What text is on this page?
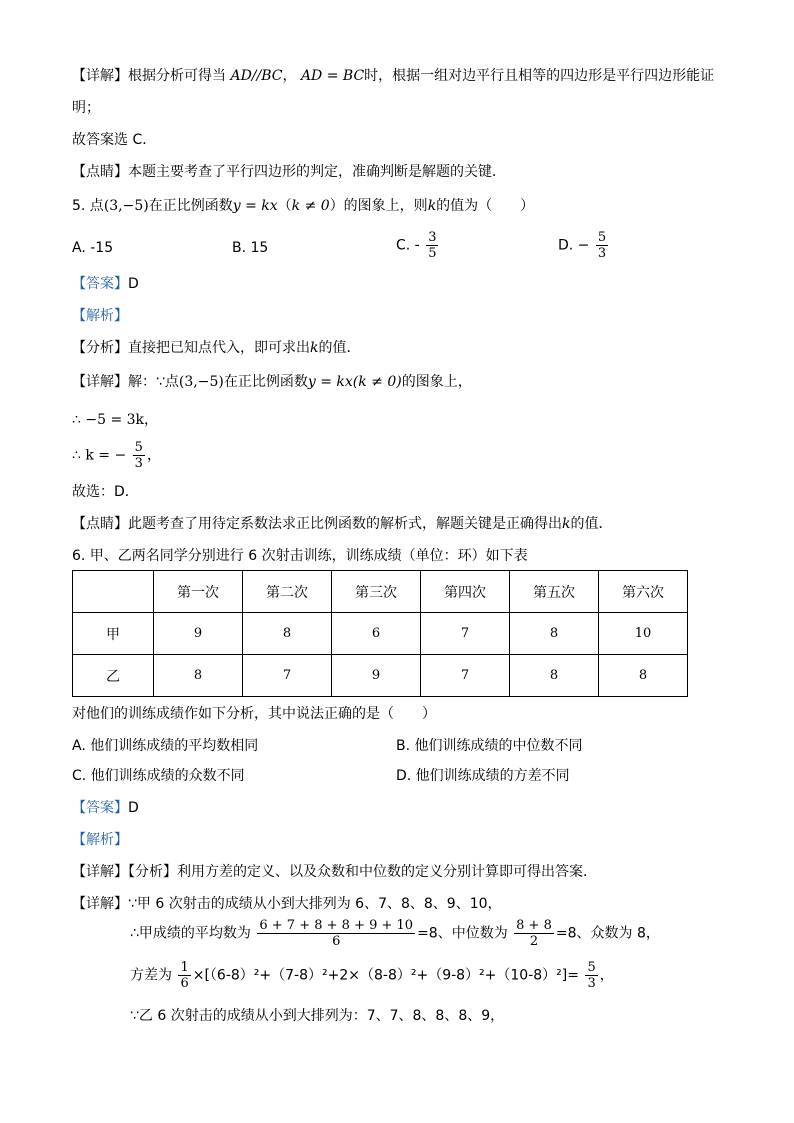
【详解】根据分析可得当 AD//BC， AD = BC时，根据一组对边平行且相等的四边形是平行四边形能证
明；
故答案选 C．
【点睛】本题主要考查了平行四边形的判定，准确判断是解题的关键．
5. 点(3,−5)在正比例函数y = kx（k ≠ 0）的图象上，则k的值为（　　）
A. -15	B. 15	C. - $\frac{3}{5}$	D. − $\frac{5}{3}$
【答案】D
【解析】
【分析】直接把已知点代入，即可求出k的值．
【详解】解：∵点(3,−5)在正比例函数y = kx(k ≠ 0)的图象上，
∴ −5 = 3k，
∴ k = − $\frac{5}{3}$ ，
故选：D．
【点睛】此题考查了用待定系数法求正比例函数的解析式，解题关键是正确得出k的值．
6. 甲、乙两名同学分别进行 6 次射击训练，训练成绩（单位：环）如下表
	第一次	第二次	第三次	第四次	第五次	第六次
甲	9	8	6	7	8	10
乙	8	7	9	7	8	8
对他们的训练成绩作如下分析，其中说法正确的是（　　）
A. 他们训练成绩的平均数相同	B. 他们训练成绩的中位数不同
C. 他们训练成绩的众数不同	D. 他们训练成绩的方差不同
【答案】D
【解析】
【详解】【分析】利用方差的定义、以及众数和中位数的定义分别计算即可得出答案．
【详解】∵甲 6 次射击的成绩从小到大排列为 6、7、8、8、9、10，
∴甲成绩的平均数为 $\frac{6 + 7 + 8 + 8 + 9 + 10}{6} =8$、中位数为 $\frac{8 + 8}{2} =8$、众数为 8，
方差为 $\frac{1}{6} \times[(6-8)^2+(7-8)^2+2\times(8-8)^2+(9-8)^2+(10-8)^2]= \frac{5}{3}$ ，
∵乙 6 次射击的成绩从小到大排列为：7、7、8、8、8、9，
